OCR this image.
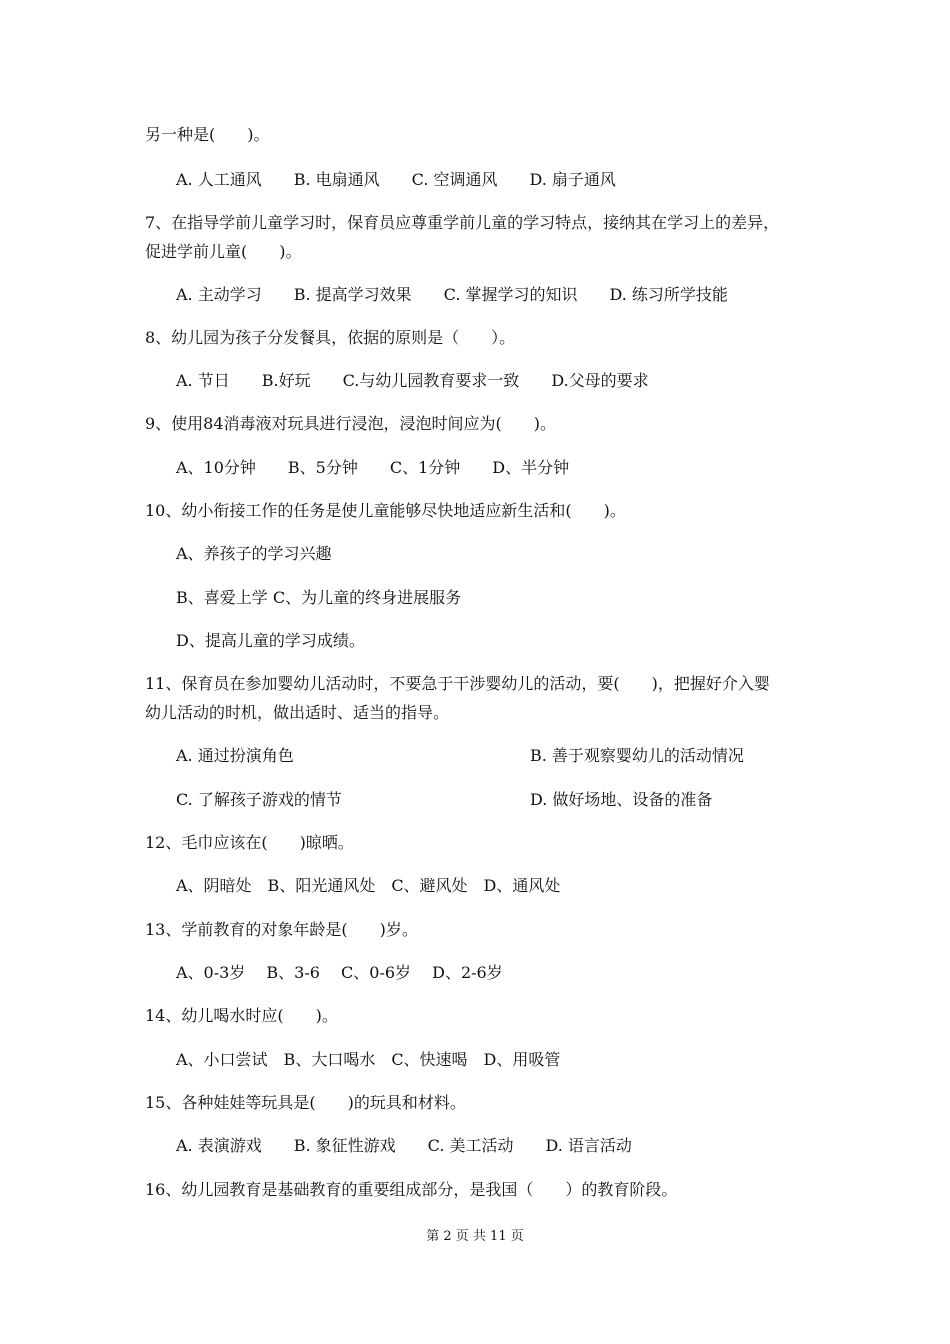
另一种是(　　)。
A. 人工通风　　B. 电扇通风　　C. 空调通风　　D. 扇子通风
7、在指导学前儿童学习时，保育员应尊重学前儿童的学习特点，接纳其在学习上的差异，
促进学前儿童(　　)。
A. 主动学习　　B. 提高学习效果　　C. 掌握学习的知识　　D. 练习所学技能
8、幼儿园为孩子分发餐具，依据的原则是（　　）。
A. 节日　　B.好玩　　C.与幼儿园教育要求一致　　D.父母的要求
9、使用84消毒液对玩具进行浸泡，浸泡时间应为(　　)。
A、10分钟　　B、5分钟　　C、1分钟　　D、半分钟
10、幼小衔接工作的任务是使儿童能够尽快地适应新生活和(　　)。
A、养孩子的学习兴趣
B、喜爱上学 C、为儿童的终身进展服务
D、提高儿童的学习成绩。
11、保育员在参加婴幼儿活动时，不要急于干涉婴幼儿的活动，要(　　)，把握好介入婴
幼儿活动的时机，做出适时、适当的指导。
A. 通过扮演角色	B. 善于观察婴幼儿的活动情况
C. 了解孩子游戏的情节	D. 做好场地、设备的准备
12、毛巾应该在(　　)晾晒。
A、阴暗处　B、阳光通风处　C、避风处　D、通风处
13、学前教育的对象年龄是(　　)岁。
A、0-3岁　 B、3-6　 C、0-6岁　 D、2-6岁
14、幼儿喝水时应(　　)。
A、小口尝试　B、大口喝水　C、快速喝　D、用吸管
15、各种娃娃等玩具是(　　)的玩具和材料。
A. 表演游戏　　B. 象征性游戏　　C. 美工活动　　D. 语言活动
16、幼儿园教育是基础教育的重要组成部分，是我国（　　）的教育阶段。
第 2 页 共 11 页
